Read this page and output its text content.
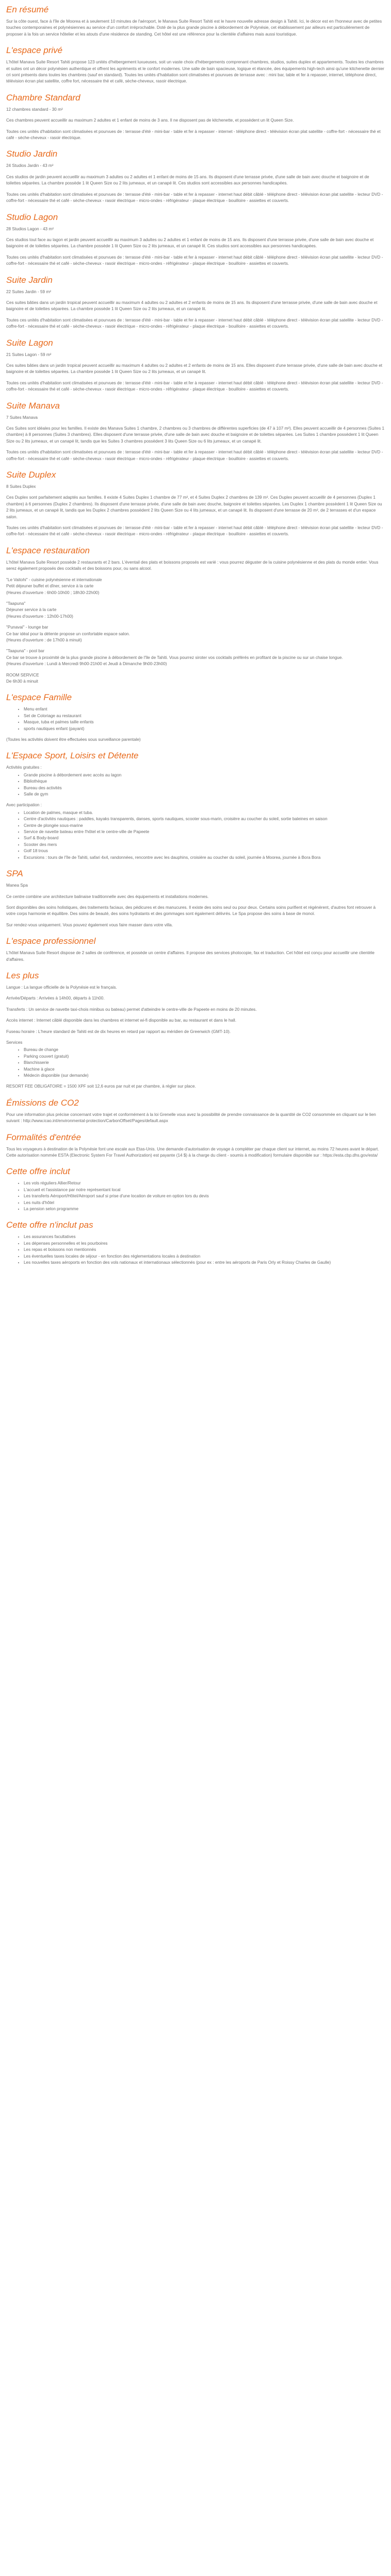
En résumé

Sur la côte ouest, face à l'île de Moorea et à seulement 10 minutes de l'aéroport, le Manava Suite Resort Tahiti est le havre nouvelle adresse design à Tahiti. Ici, le décor est en l'honneur avec de petites touches contemporaines et polynésiennes au service d'un confort irréprochable. Doté de la plus grande piscine à débordement de Polynésie, cet établissement par ailleurs est particulièrement de proposer à la fois un service hôtelier et les atouts d'une résidence de standing. Cet hôtel est une référence pour la clientèle d'affaires mais aussi touristique.

L'espace privé

L'hôtel Manava Suite Resort Tahiti propose 123 unités d'hébergement luxueuses, soit un vaste choix d'hébergements comprenant chambres, studios, suites duplex et appartements. Toutes les chambres et suites ont un décor polynésien authentique et offrent les agréments et le confort modernes. Une salle de bain spacieuse, logique et élancée, des équipements high-tech ainsi qu'une kitchenette dernier cri sont présents dans toutes les chambres (sauf en standard). Toutes les unités d'habitation sont climatisées et pourvues de terrasse avec : mini bar, table et fer à repasser, internet, téléphone direct, télévision écran plat satellite, coffre fort, nécessaire thé et café, sèche-cheveux, rasoir électrique.

Chambre Standard

12 chambres standard - 30 m²

Ces chambres peuvent accueillir au maximum 2 adultes et 1 enfant de moins de 3 ans. Il ne disposent pas de kitchenette, et possèdent un lit Queen Size.

Toutes ces unités d'habitation sont climatisées et pourvues de : terrasse d'été - mini-bar - table et fer à repasser - internet - téléphone direct - télévision écran plat satellite - coffre-fort - nécessaire thé et café - sèche-cheveux - rasoir électrique.

Studio Jardin

24 Studios Jardin - 43 m²

Ces studios de jardin peuvent accueillir au maximum 3 adultes ou 2 adultes et 1 enfant de moins de 15 ans. Ils disposent d'une terrasse privée, d'une salle de bain avec douche et baignoire et de toilettes séparées. La chambre possède 1 lit Queen Size ou 2 lits jumeaux, et un canapé lit. Ces studios sont accessibles aux personnes handicapées.

Toutes ces unités d'habitation sont climatisées et pourvues de : terrasse d'été - mini-bar - table et fer à repasser - internet haut débit câblé - téléphone direct - télévision écran plat satellite - lecteur DVD - coffre-fort - nécessaire thé et café - sèche-cheveux - rasoir électrique - micro-ondes - réfrigérateur - plaque électrique - bouilloire - assiettes et couverts.

Studio Lagon

28 Studios Lagon - 43 m²

Ces studios tout face au lagon et jardin peuvent accueillir au maximum 3 adultes ou 2 adultes et 1 enfant de moins de 15 ans. Ils disposent d'une terrasse privée, d'une salle de bain avec douche et baignoire et de toilettes séparées. La chambre possède 1 lit Queen Size ou 2 lits jumeaux, et un canapé lit. Ces studios sont accessibles aux personnes handicapées.

Toutes ces unités d'habitation sont climatisées et pourvues de : terrasse d'été - mini-bar - table et fer à repasser - internet haut débit câblé - téléphone direct - télévision écran plat satellite - lecteur DVD - coffre-fort - nécessaire thé et café - sèche-cheveux - rasoir électrique - micro-ondes - réfrigérateur - plaque électrique - bouilloire - assiettes et couverts.

Suite Jardin

22 Suites Jardin - 59 m²

Ces suites bâties dans un jardin tropical peuvent accueillir au maximum 4 adultes ou 2 adultes et 2 enfants de moins de 15 ans. Ils disposent d'une terrasse privée, d'une salle de bain avec douche et baignoire et de toilettes séparées. La chambre possède 1 lit Queen Size ou 2 lits jumeaux, et un canapé lit.

Toutes ces unités d'habitation sont climatisées et pourvues de : terrasse d'été - mini-bar - table et fer à repasser - internet haut débit câblé - téléphone direct - télévision écran plat satellite - lecteur DVD - coffre-fort - nécessaire thé et café - sèche-cheveux - rasoir électrique - micro-ondes - réfrigérateur - plaque électrique - bouilloire - assiettes et couverts.

Suite Lagon

21 Suites Lagon - 59 m²

Ces suites bâties dans un jardin tropical peuvent accueillir au maximum 4 adultes ou 2 adultes et 2 enfants de moins de 15 ans. Elles disposent d'une terrasse privée, d'une salle de bain avec douche et baignoire et de toilettes séparées. La chambre possède 1 lit Queen Size ou 2 lits jumeaux, et un canapé lit.

Toutes ces unités d'habitation sont climatisées et pourvues de : terrasse d'été - mini-bar - table et fer à repasser - internet haut débit câblé - téléphone direct - télévision écran plat satellite - lecteur DVD - coffre-fort - nécessaire thé et café - sèche-cheveux - rasoir électrique - micro-ondes - réfrigérateur - plaque électrique - bouilloire - assiettes et couverts.

Suite Manava

7 Suites Manava

Ces Suites sont idéales pour les familles. Il existe des Manava Suites 1 chambre, 2 chambres ou 3 chambres de différentes superficies (de 47 à 107 m²). Elles peuvent accueillir de 4 personnes (Suites 1 chambre) à 8 personnes (Suites 3 chambres). Elles disposent d'une terrasse privée, d'une salle de bain avec douche et baignoire et de toilettes séparées. Les Suites 1 chambre possèdent 1 lit Queen Size ou 2 lits jumeaux, et un canapé lit, tandis que les Suites 3 chambres possèdent 3 lits Queen Size ou 6 lits jumeaux, et un canapé lit.

Toutes ces unités d'habitation sont climatisées et pourvues de : terrasse d'été - mini-bar - table et fer à repasser - internet haut débit câblé - téléphone direct - télévision écran plat satellite - lecteur DVD - coffre-fort - nécessaire thé et café - sèche-cheveux - rasoir électrique - micro-ondes - réfrigérateur - plaque électrique - bouilloire - assiettes et couverts.

Suite Duplex

8 Suites Duplex

Ces Duplex sont parfaitement adaptés aux familles. Il existe 4 Suites Duplex 1 chambre de 77 m², et 4 Suites Duplex 2 chambres de 139 m². Ces Duplex peuvent accueillir de 4 personnes (Duplex 1 chambre) à 6 personnes (Duplex 2 chambres). Ils disposent d'une terrasse privée, d'une salle de bain avec douche, baignoire et toilettes séparées. Les Duplex 1 chambre possèdent 1 lit Queen Size ou 2 lits jumeaux, et un canapé lit, tandis que les Duplex 2 chambres possèdent 2 lits Queen Size ou 4 lits jumeaux, et un canapé lit. Ils disposent d'une terrasse de 20 m², de 2 terrasses et d'un espace salon.

Toutes ces unités d'habitation sont climatisées et pourvues de : terrasse d'été - mini-bar - table et fer à repasser - internet haut débit câblé - téléphone direct - télévision écran plat satellite - lecteur DVD - coffre-fort - nécessaire thé et café - sèche-cheveux - rasoir électrique - micro-ondes - réfrigérateur - plaque électrique - bouilloire - assiettes et couverts.

L'espace restauration

L'hôtel Manava Suite Resort possède 2 restaurants et 2 bars. L'éventail des plats et boissons proposés est varié : vous pourrez déguster de la cuisine polynésienne et des plats du monde entier. Vous serez également proposés des cocktails et des boissons pour, ou sans alcool.

"Le Vaitohi" - cuisine polynésienne et internationale
Petit déjeuner buffet et dîner, service à la carte
(Heures d'ouverture : 6h00-10h00 ; 18h30-22h00)

"Taapuna"
Déjeuner service à la carte
(Heures d'ouverture : 12h00-17h00)

"Punavai" - lounge bar
Ce bar idéal pour la détente propose un confortable espace salon.
(Heures d'ouverture : de 17h00 à minuit)

"Taapuna" - pool bar
Ce bar se trouve à proximité de la plus grande piscine à débordement de l'île de Tahiti. Vous pourrez siroter vos cocktails préférés en profitant de la piscine ou sur un chaise longue.
(Heures d'ouverture : Lundi à Mercredi 9h00-21h00 et Jeudi à Dimanche 9h00-23h00)

ROOM SERVICE
De 6h30 à minuit

L'espace Famille
• Menu enfant
• Set de Coloriage au restaurant
• Masque, tuba et palmes taille enfants
• sports nautiques enfant (payant)

(Toutes les activités doivent être effectuées sous surveillance parentale)

L'Espace Sport, Loisirs et Détente

Activités gratuites :

• Grande piscine à débordement avec accès au lagon
• Bibliothèque
• Bureau des activités
• Salle de gym

Avec participation :

• Location de palmes, masque et tuba.
• Centre d'activités nautiques : paddles, kayaks transparents, danses, sports nautiques, scooter sous-marin, croisière au coucher du soleil, sortie baleines en saison
• Centre de plongée sous-marine
• Service de navette bateau entre l'hôtel et le centre-ville de Papeete
• Surf & Body-board
• Scooter des mers
• Golf 18 trous
• Excursions : tours de l'île de Tahiti, safari 4x4, randonnées, rencontre avec les dauphins, croisière au coucher du soleil, journée à Moorea, journée à Bora Bora
SPA

Manea Spa

Ce centre combine une architecture balinaise traditionnelle avec des équipements et installations modernes.

Sont disponibles des soins holistiques, des traitements faciaux, des pédicures et des manucures. Il existe des soins seul ou pour deux. Certains soins purifient et régénèrent, d'autres font retrouver à votre corps harmonie et équilibre. Des soins de beauté, des soins hydratants et des gommages sont également délivrés. Le Spa propose des soins à base de monoï.

Sur rendez-vous uniquement. Vous pouvez également vous faire masser dans votre villa.

L'espace professionnel

L'hôtel Manava Suite Resort dispose de 2 salles de conférence, et possède un centre d'affaires. Il propose des services photocopie, fax et traduction. Cet hôtel est conçu pour accueillir une clientèle d'affaires.

Les plus

Langue : La langue officielle de la Polynésie est le français.

Arrivée/Départs : Arrivées à 14h00, départs à 11h00.

Transferts : Un service de navette taxi-chois minibus ou bateau) permet d'atteindre le centre-ville de Papeete en moins de 20 minutes.

Accès internet : Internet câblé disponible dans les chambres et internet wi-fi disponible au bar, au restaurant et dans le hall.

Fuseau horaire : L'heure standard de Tahiti est de dix heures en retard par rapport au méridien de Greenwich (GMT-10).

Services

• Bureau de change
• Parking couvert (gratuit)
• Blanchisserie
• Machine à glace
• Médecin disponible (sur demande)

RESORT FEE OBLIGATOIRE = 1500 XPF soit 12,6 euros par nuit et par chambre, à régler sur place.

Émissions de CO2

Pour une information plus précise concernant votre trajet et conformément à la loi Grenelle vous avez la possibilité de prendre connaissance de la quantité de CO2 consommée en cliquant sur le lien suivant : http://www.icao.int/environmental-protection/CarbonOffset/Pages/default.aspx

Formalités d'entrée

Tous les voyageurs à destination de la Polynésie font une escale aux Etas-Unis. Une demande d'autorisation de voyage à compléter par chaque client sur internet, au moins 72 heures avant le départ. Cette autorisation nommée ESTA (Electronic System For Travel Authorization) est payante (14 $) à la charge du client - soumis à modification) formulaire disponible sur : https://esta.cbp.dhs.gov/esta/

Cette offre inclut
• Les vols réguliers Allier/Retour
• L'accueil et l'assistance par notre représentant local
• Les transferts Aéroport/Hôtel/Aéroport sauf si prise d'une location de voiture en option lors du devis
• Les nuits d'hôtel
• La pension selon programme
Cette offre n'inclut pas
• Les assurances facultatives
• Les dépenses personnelles et les pourboires
• Les repas et boissons non mentionnés
• Les éventuelles taxes locales de séjour - en fonction des réglementations locales à destination
• Les nouvelles taxes aéroports en fonction des vols nationaux et internationaux sélectionnés (pour ex : entre les aéroports de Paris Orly et Roissy Charles de Gaulle)
